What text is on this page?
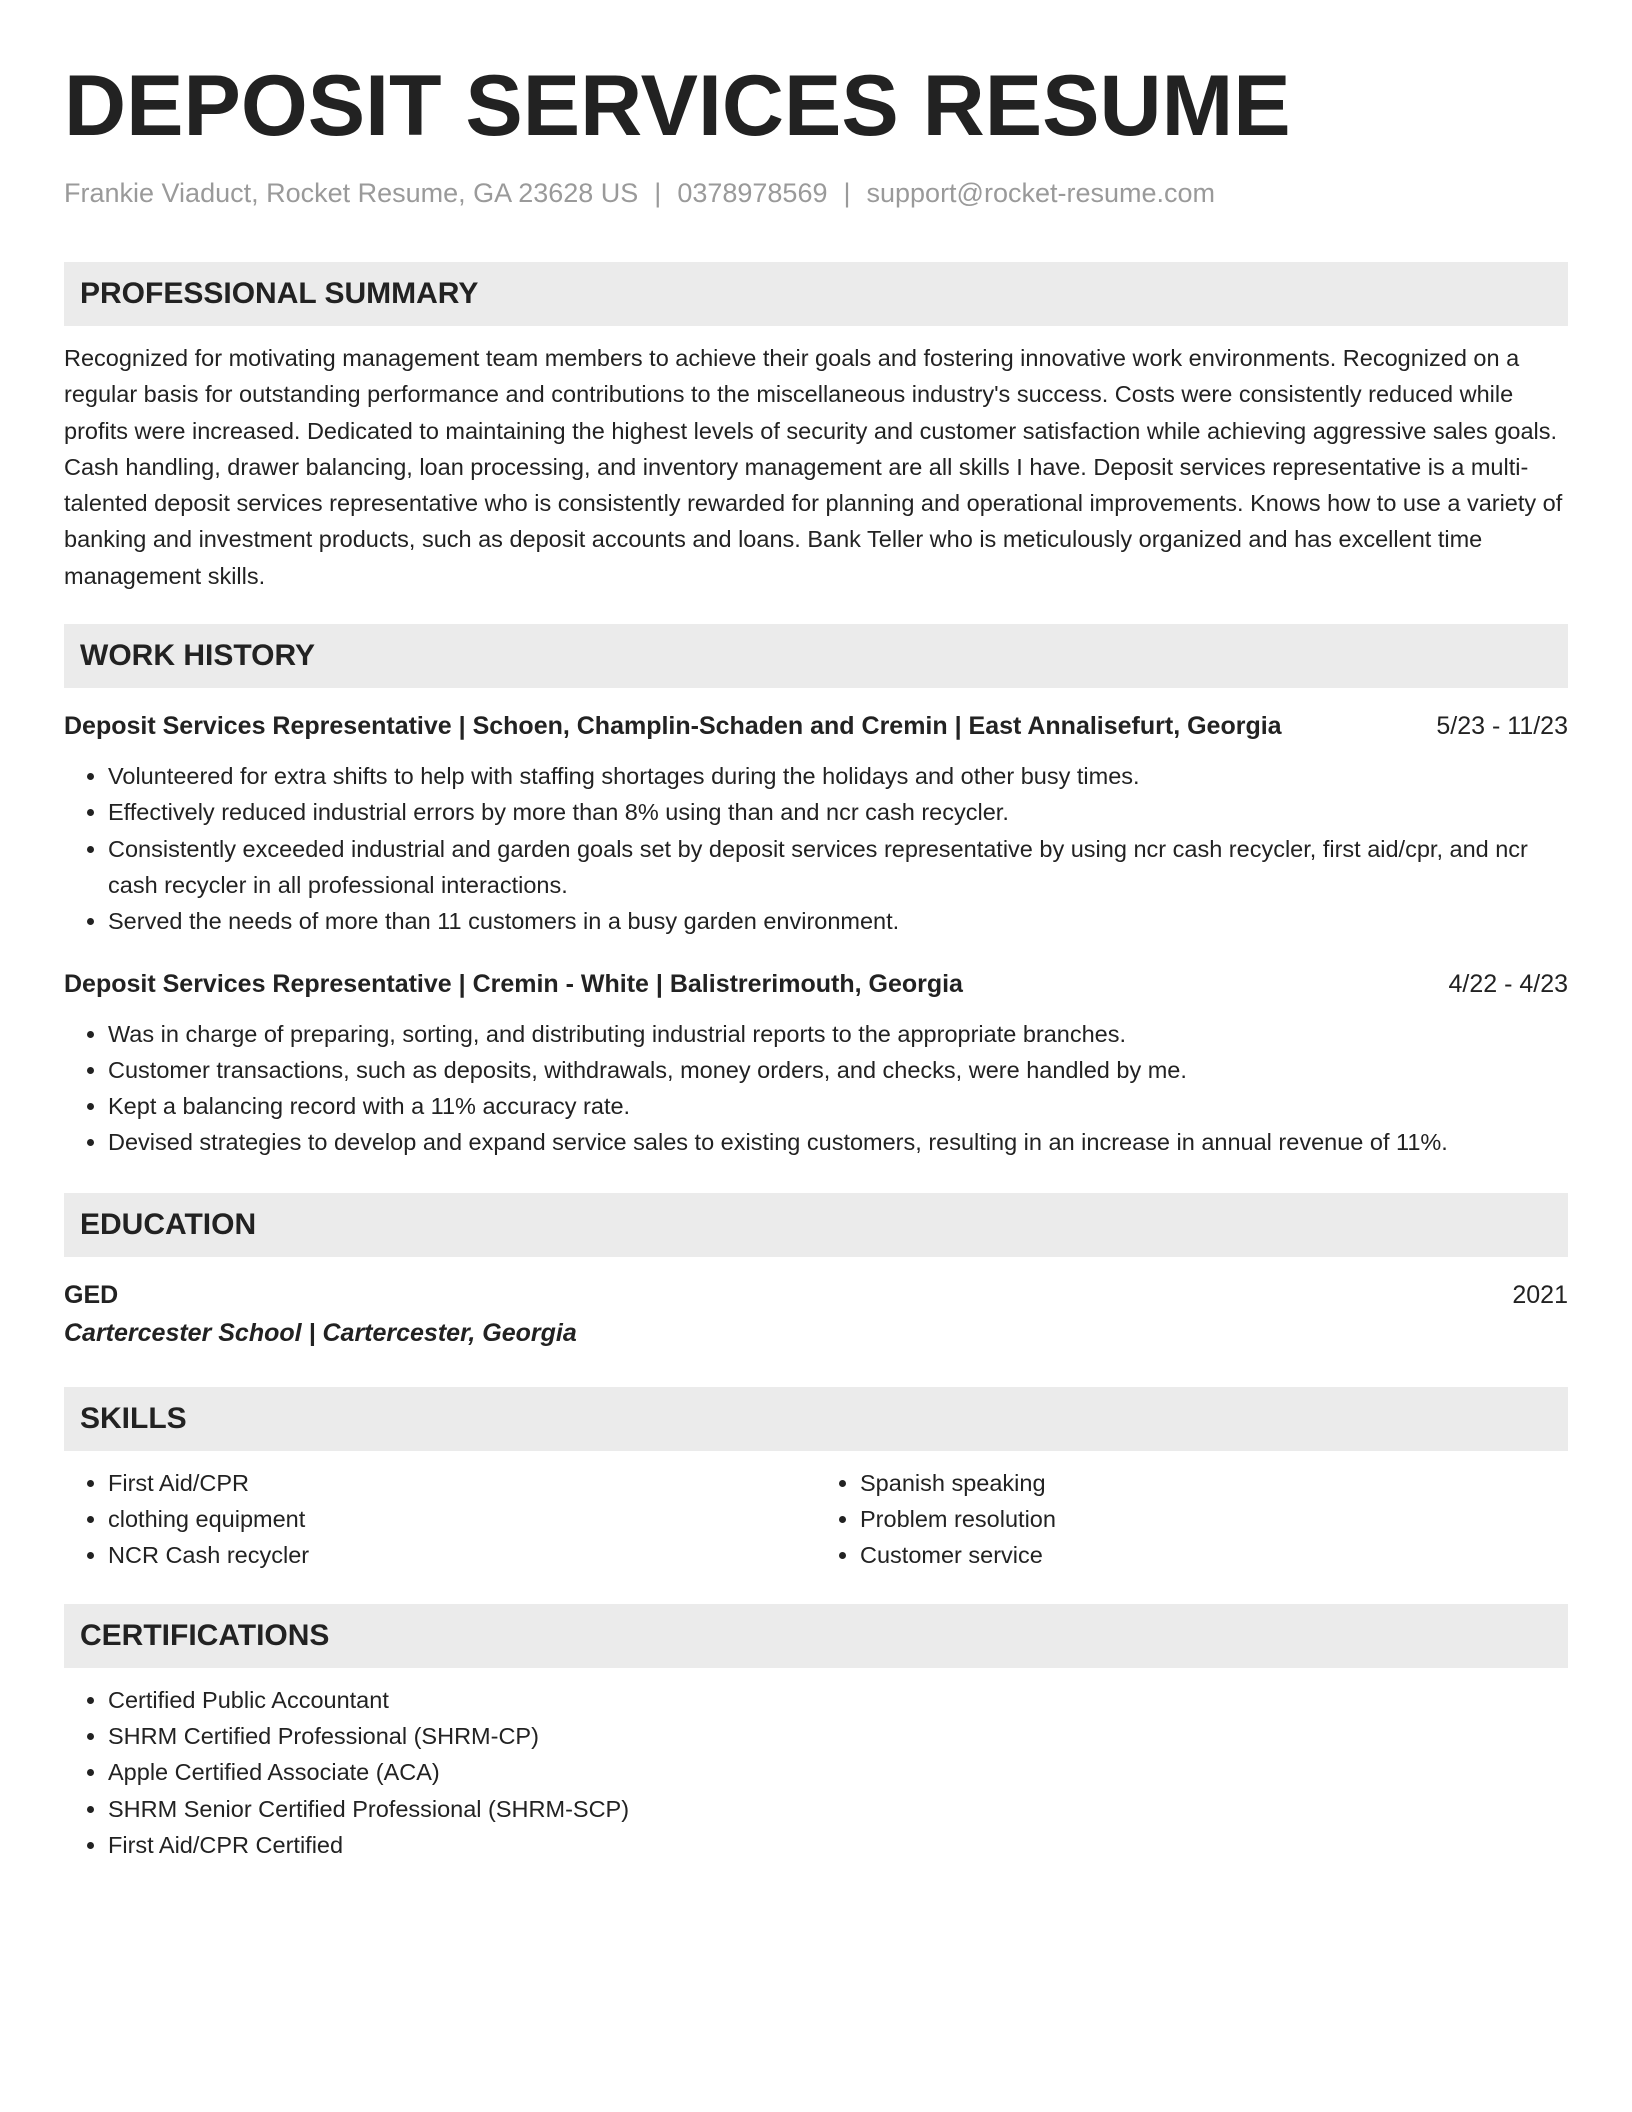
DEPOSIT SERVICES RESUME
Frankie Viaduct, Rocket Resume, GA 23628 US | 0378978569 | support@rocket-resume.com
PROFESSIONAL SUMMARY

Recognized for motivating management team members to achieve their goals and fostering innovative work environments. Recognized on a regular basis for outstanding performance and contributions to the miscellaneous industry's success. Costs were consistently reduced while profits were increased. Dedicated to maintaining the highest levels of security and customer satisfaction while achieving aggressive sales goals. Cash handling, drawer balancing, loan processing, and inventory management are all skills I have. Deposit services representative is a multi-talented deposit services representative who is consistently rewarded for planning and operational improvements. Knows how to use a variety of banking and investment products, such as deposit accounts and loans. Bank Teller who is meticulously organized and has excellent time management skills.

WORK HISTORY
Deposit Services Representative | Schoen, Champlin-Schaden and Cremin | East Annalisefurt, Georgia	5/23 - 11/23
• Volunteered for extra shifts to help with staffing shortages during the holidays and other busy times.
• Effectively reduced industrial errors by more than 8% using than and ncr cash recycler.
• Consistently exceeded industrial and garden goals set by deposit services representative by using ncr cash recycler, first aid/cpr, and ncr cash recycler in all professional interactions.
• Served the needs of more than 11 customers in a busy garden environment.
Deposit Services Representative | Cremin - White | Balistrerimouth, Georgia	4/22 - 4/23
• Was in charge of preparing, sorting, and distributing industrial reports to the appropriate branches.
• Customer transactions, such as deposits, withdrawals, money orders, and checks, were handled by me.
• Kept a balancing record with a 11% accuracy rate.
• Devised strategies to develop and expand service sales to existing customers, resulting in an increase in annual revenue of 11%.
EDUCATION
GED	2021
Cartercester School | Cartercester, Georgia
SKILLS
• First Aid/CPR
• clothing equipment
• NCR Cash recycler
• Spanish speaking
• Problem resolution
• Customer service
CERTIFICATIONS
• Certified Public Accountant
• SHRM Certified Professional (SHRM-CP)
• Apple Certified Associate (ACA)
• SHRM Senior Certified Professional (SHRM-SCP)
• First Aid/CPR Certified
